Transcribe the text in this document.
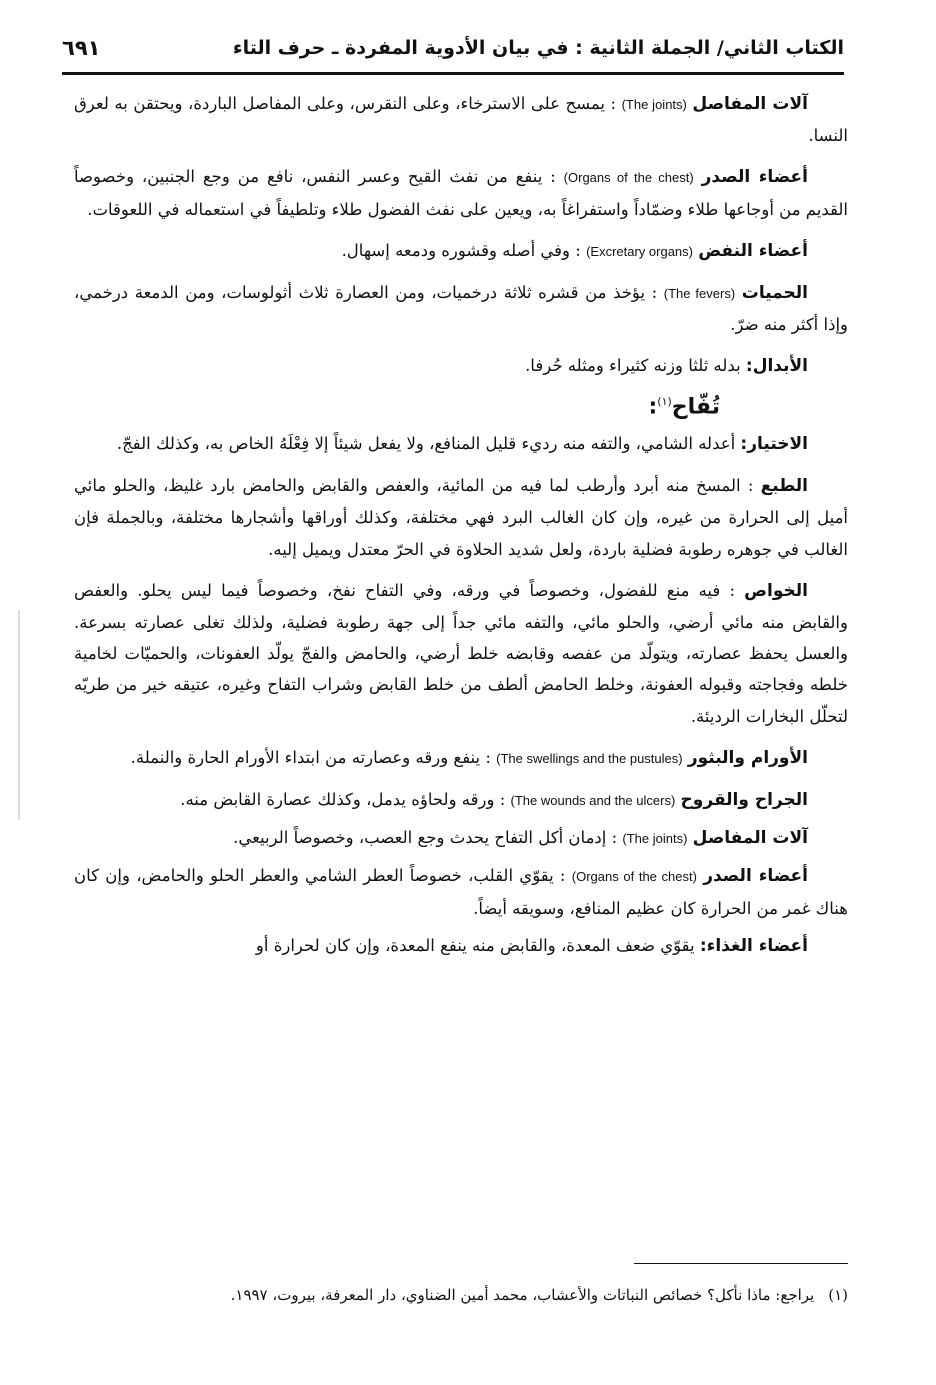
الكتاب الثاني/ الجملة الثانية : في بيان الأدوية المفردة ـ حرف التاء
٦٩١

آلات المفاصل (The joints) : يمسح على الاسترخاء، وعلى النقرس، وعلى المفاصل الباردة، ويحتقن به لعرق النسا.

أعضاء الصدر (Organs of the chest) : ينفع من نفث القيح وعسر النفس، نافع من وجع الجنبين، وخصوصاً القديم من أوجاعها طلاء وضمّاداً واستفراغاً به، ويعين على نفث الفضول طلاء وتلطيفاً في استعماله في اللعوقات.

أعضاء النفض (Excretary organs) : وفي أصله وقشوره ودمعه إسهال.

الحميات (The fevers) : يؤخذ من قشره ثلاثة درخميات، ومن العصارة ثلاث أثولوسات، ومن الدمعة درخمي، وإذا أكثر منه ضرّ.

الأبدال: بدله ثلثا وزنه كثيراء ومثله حُرفا.

تُفّاح$^{(١)}$:

الاختيار: أعدله الشامي، والتفه منه رديء قليل المنافع، ولا يفعل شيئاً إلا فِعْلَهُ الخاص به، وكذلك الفجّ.

الطبع : المسخ منه أبرد وأرطب لما فيه من المائية، والعفص والقابض والحامض بارد غليظ، والحلو مائي أميل إلى الحرارة من غيره، وإن كان الغالب البرد فهي مختلفة، وكذلك أوراقها وأشجارها مختلفة، وبالجملة فإن الغالب في جوهره رطوبة فضلية باردة، ولعل شديد الحلاوة في الحرّ معتدل ويميل إليه.

الخواص : فيه منع للفضول، وخصوصاً في ورقه، وفي التفاح نفخ، وخصوصاً فيما ليس يحلو. والعفص والقابض منه مائي أرضي، والحلو مائي، والتفه مائي جداً إلى جهة رطوبة فضلية، ولذلك تغلى عصارته بسرعة. والعسل يحفظ عصارته، ويتولّد من عفصه وقابضه خلط أرضي، والحامض والفجّ يولّد العفونات، والحميّات لخامية خلطه وفجاجته وقبوله العفونة، وخلط الحامض ألطف من خلط القابض وشراب التفاح وغيره، عتيقه خير من طريّه لتحلّل البخارات الرديئة.

الأورام والبثور (The swellings and the pustules) : ينفع ورقه وعصارته من ابتداء الأورام الحارة والنملة.

الجراح والقروح (The wounds and the ulcers) : ورقه ولحاؤه يدمل، وكذلك عصارة القابض منه.

آلات المفاصل (The joints) : إدمان أكل التفاح يحدث وجع العصب، وخصوصاً الربيعي.

أعضاء الصدر (Organs of the chest) : يقوّي القلب، خصوصاً العطر الشامي والعطر الحلو والحامض، وإن كان هناك غمر من الحرارة كان عظيم المنافع، وسويقه أيضاً.

أعضاء الغذاء: يقوّي ضعف المعدة، والقابض منه ينفع المعدة، وإن كان لحرارة أو

(١)يراجع: ماذا نأكل؟ خصائص النباتات والأعشاب، محمد أمين الضناوي، دار المعرفة، بيروت، ١٩٩٧.
